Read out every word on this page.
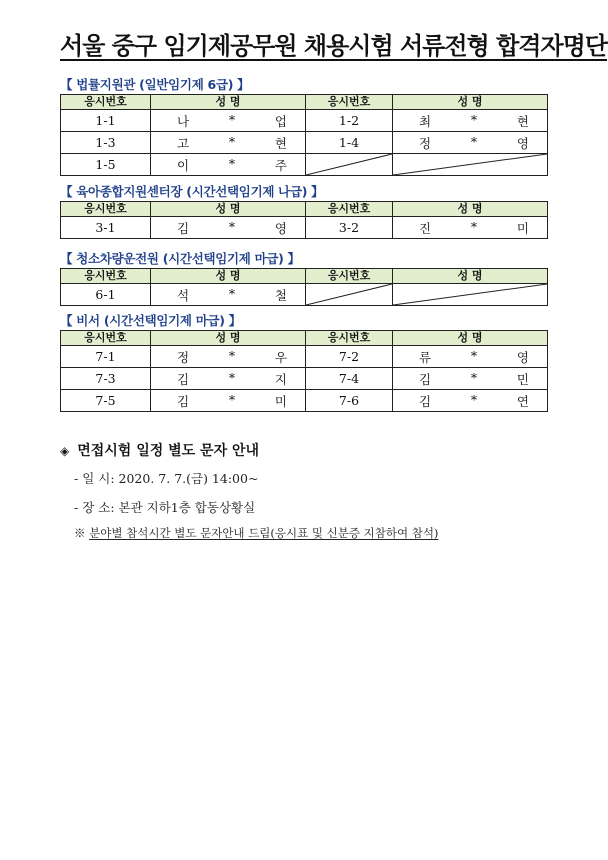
서울 중구 임기제공무원 채용시험 서류전형 합격자명단
【 법률지원관 (일반임기제 6급) 】
응시번호	성 명	응시번호	성 명
1-1	나 * 업	1-2	최 * 현

1-3	고 * 현	1-4	정 * 영

1-5	이 * 주

【 육아종합지원센터장 (시간선택임기제 나급) 】
응시번호	성 명	응시번호	성 명
3-1	김 * 영	3-2	진 * 미
【 청소차량운전원 (시간선택임기제 마급) 】
응시번호	성 명	응시번호	성 명
6-1	석 * 철

【 비서 (시간선택임기제 마급) 】
응시번호	성 명	응시번호	성 명
7-1	정 * 우	7-2	류 * 영

7-3	김 * 지	7-4	김 * 민

7-5	김 * 미	7-6	김 * 연
◈ 면접시험 일정 별도 문자 안내
- 일 시: 2020. 7. 7.(금) 14:00~
- 장 소: 본관 지하1층 합동상황실
※ 분야별 참석시간 별도 문자안내 드림(응시표 및 신분증 지참하여 참석)
